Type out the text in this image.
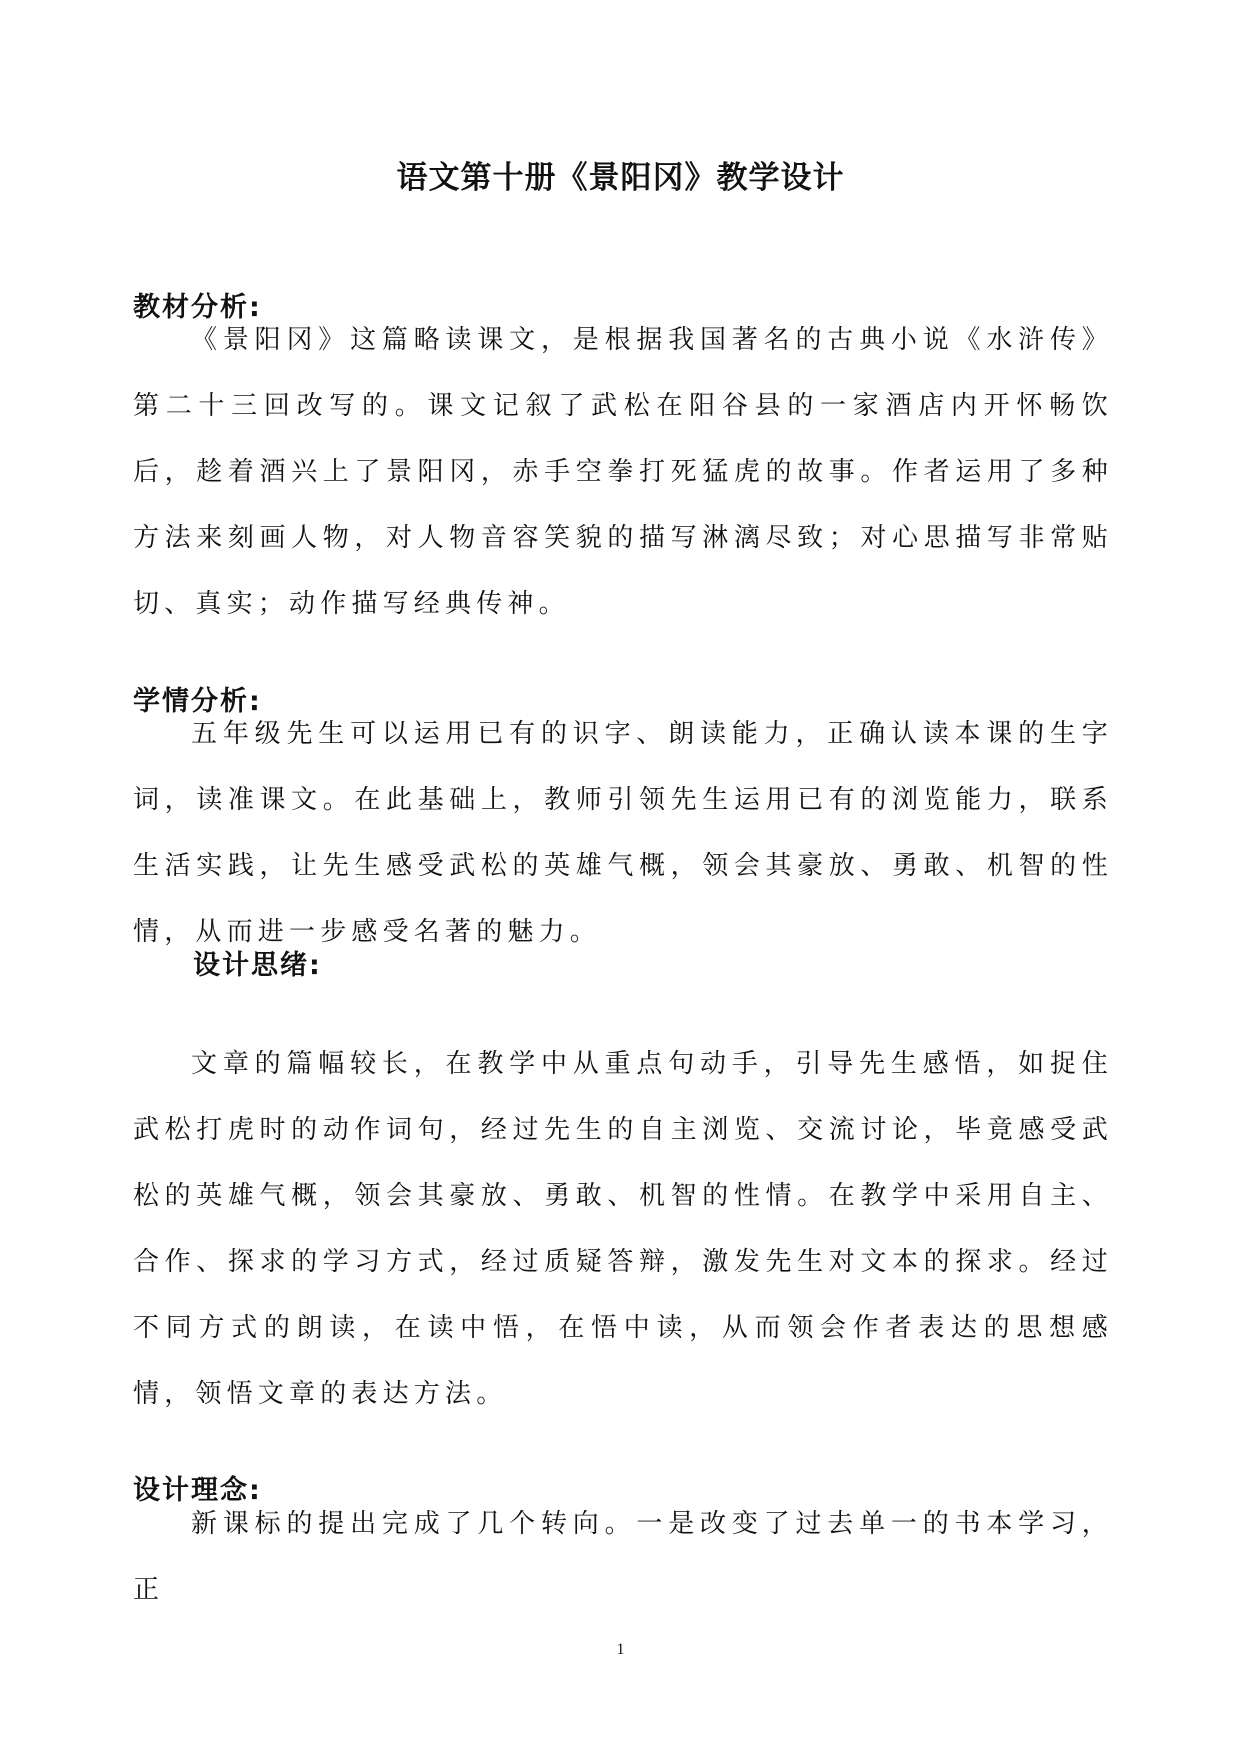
语文第十册《景阳冈》教学设计
教材分析:

《景阳冈》这篇略读课文，是根据我国著名的古典小说《水浒传》第二十三回改写的。课文记叙了武松在阳谷县的一家酒店内开怀畅饮后，趁着酒兴上了景阳冈，赤手空拳打死猛虎的故事。作者运用了多种方法来刻画人物，对人物音容笑貌的描写淋漓尽致；对心思描写非常贴切、真实；动作描写经典传神。

学情分析:

五年级先生可以运用已有的识字、朗读能力，正确认读本课的生字词，读准课文。在此基础上，教师引领先生运用已有的浏览能力，联系生活实践，让先生感受武松的英雄气概，领会其豪放、勇敢、机智的性情，从而进一步感受名著的魅力。

设计思绪:

文章的篇幅较长，在教学中从重点句动手，引导先生感悟，如捉住武松打虎时的动作词句，经过先生的自主浏览、交流讨论，毕竟感受武松的英雄气概，领会其豪放、勇敢、机智的性情。在教学中采用自主、合作、探求的学习方式，经过质疑答辩，激发先生对文本的探求。经过不同方式的朗读，在读中悟，在悟中读，从而领会作者表达的思想感情，领悟文章的表达方法。

设计理念:

新课标的提出完成了几个转向。一是改变了过去单一的书本学习，正

1
